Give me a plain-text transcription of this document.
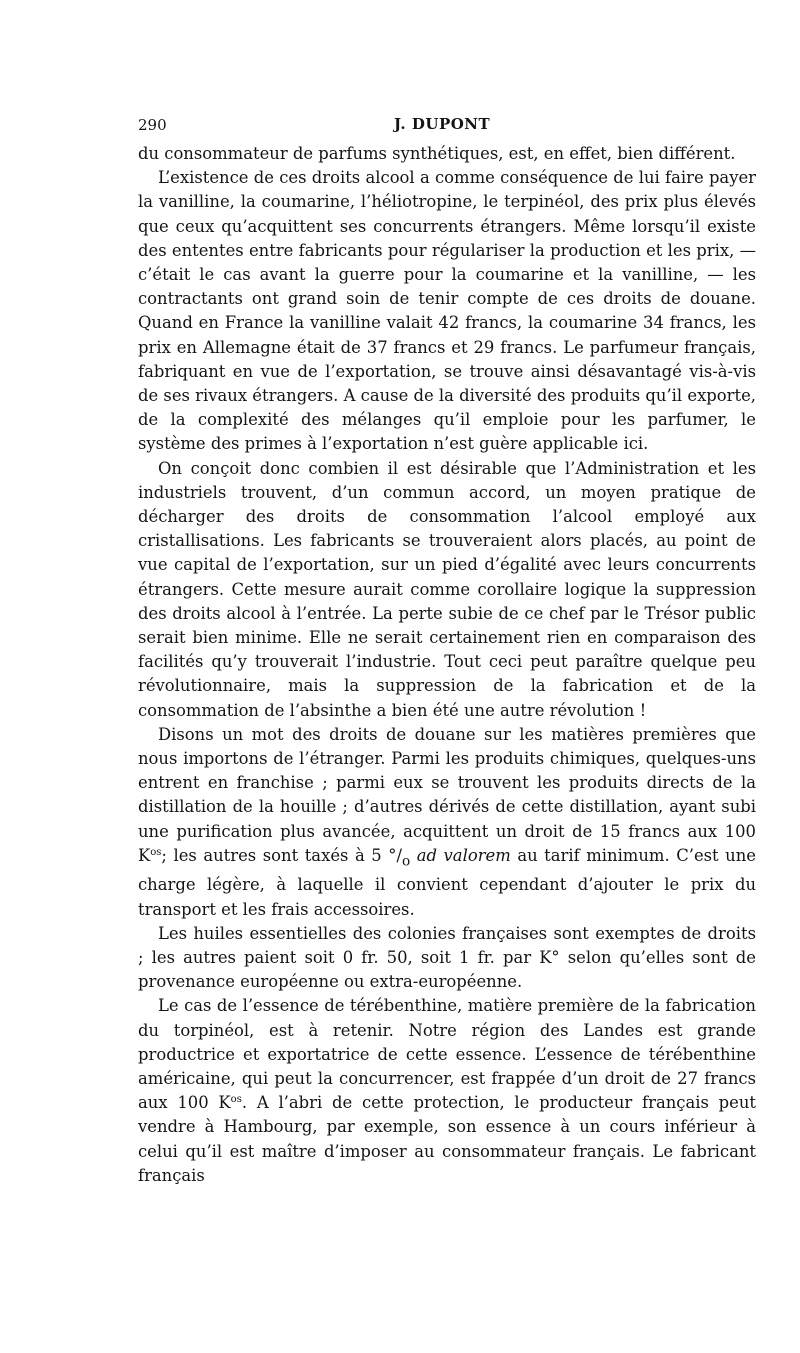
290	J. DUPONT

du consommateur de parfums synthétiques, est, en effet, bien différent.

L’existence de ces droits alcool a comme conséquence de lui faire payer la vanilline, la coumarine, l’héliotropine, le terpinéol, des prix plus élevés que ceux qu’acquittent ses concurrents étrangers. Même lorsqu’il existe des ententes entre fabricants pour régulariser la production et les prix, — c’était le cas avant la guerre pour la coumarine et la vanilline, — les contractants ont grand soin de tenir compte de ces droits de douane. Quand en France la vanilline valait 42 francs, la coumarine 34 francs, les prix en Allemagne était de 37 francs et 29 francs. Le parfumeur français, fabriquant en vue de l’exportation, se trouve ainsi désavantagé vis-à-vis de ses rivaux étrangers. A cause de la diversité des produits qu’il exporte, de la complexité des mélanges qu’il emploie pour les parfumer, le système des primes à l’exportation n’est guère applicable ici.

On conçoit donc combien il est désirable que l’Administration et les industriels trouvent, d’un commun accord, un moyen pratique de décharger des droits de consommation l’alcool employé aux cristallisations. Les fabricants se trouveraient alors placés, au point de vue capital de l’exportation, sur un pied d’égalité avec leurs concurrents étrangers. Cette mesure aurait comme corollaire logique la suppression des droits alcool à l’entrée. La perte subie de ce chef par le Trésor public serait bien minime. Elle ne serait certainement rien en comparaison des facilités qu’y trouverait l’industrie. Tout ceci peut paraître quelque peu révolutionnaire, mais la suppression de la fabrication et de la consommation de l’absinthe a bien été une autre révolution !

Disons un mot des droits de douane sur les matières premières que nous importons de l’étranger. Parmi les produits chimiques, quelques-uns entrent en franchise ; parmi eux se trouvent les produits directs de la distillation de la houille ; d’autres dérivés de cette distillation, ayant subi une purification plus avancée, acquittent un droit de 15 francs aux 100 $K^{os}$; les autres sont taxés à 5 $^\circ/_o$ ad valorem au tarif minimum. C’est une charge légère, à laquelle il convient cependant d’ajouter le prix du transport et les frais accessoires.

Les huiles essentielles des colonies françaises sont exemptes de droits ; les autres paient soit 0 fr. 50, soit 1 fr. par K° selon qu’elles sont de provenance européenne ou extra-européenne.

Le cas de l’essence de térébenthine, matière première de la fabrication du torpinéol, est à retenir. Notre région des Landes est grande productrice et exportatrice de cette essence. L’essence de térébenthine américaine, qui peut la concurrencer, est frappée d’un droit de 27 francs aux 100 $K^{os}$. A l’abri de cette protection, le producteur français peut vendre à Hambourg, par exemple, son essence à un cours inférieur à celui qu’il est maître d’imposer au consommateur français. Le fabricant français
